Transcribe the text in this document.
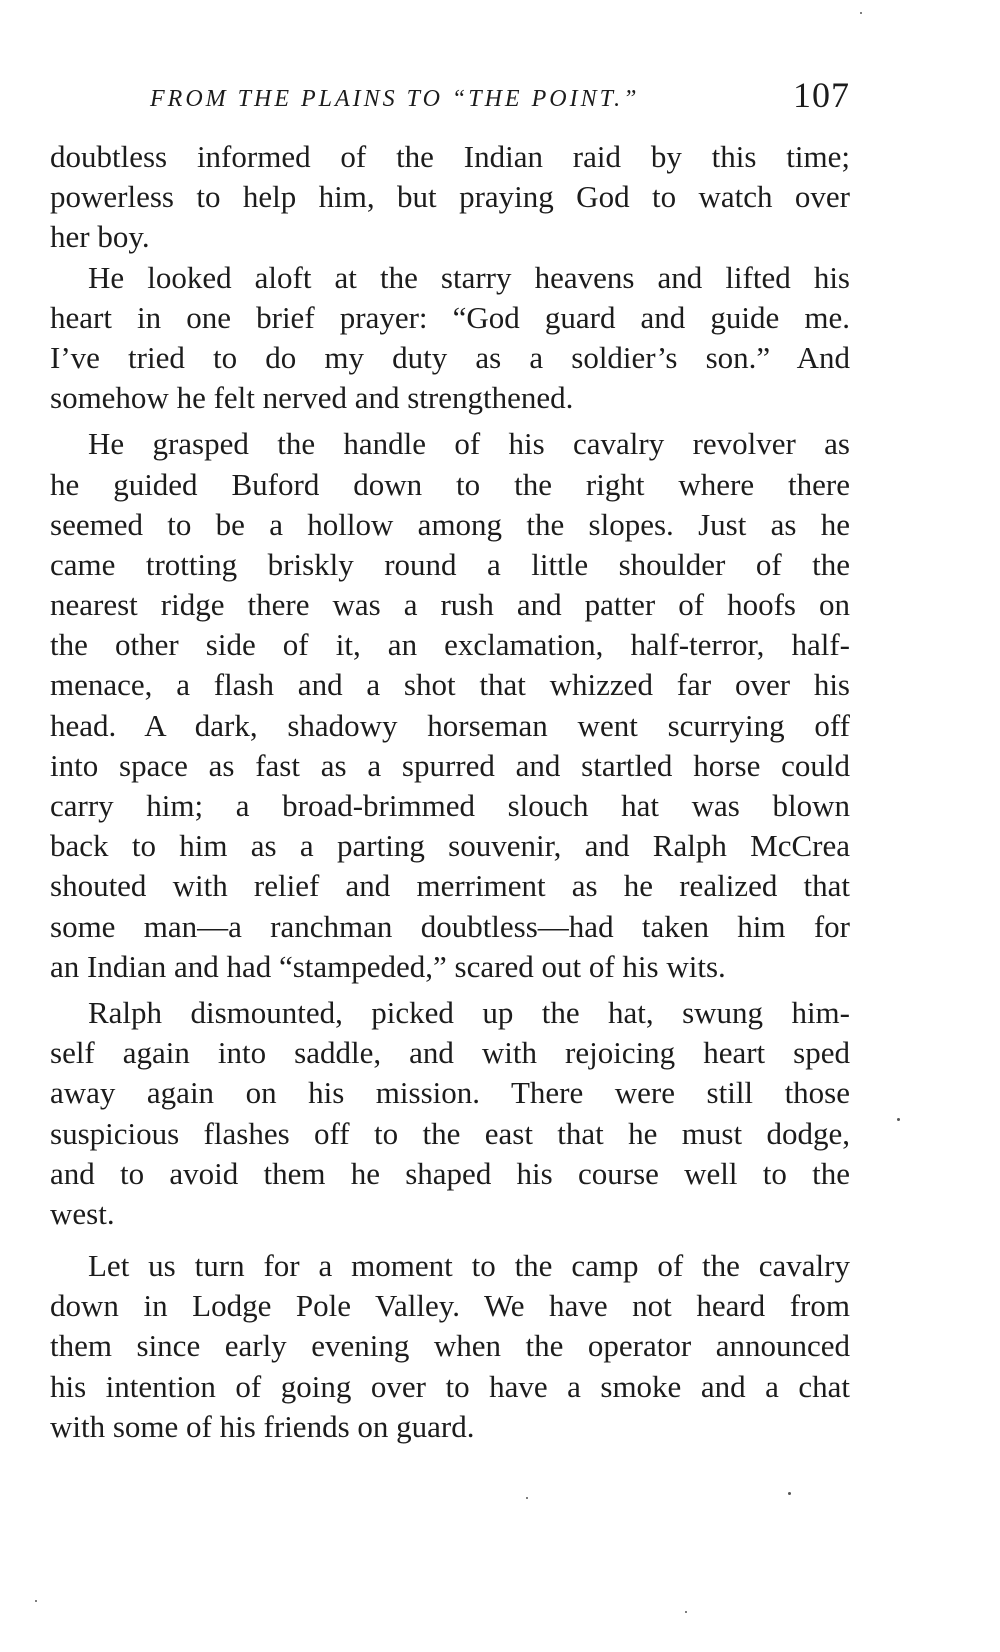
FROM THE PLAINS TO “THE POINT.”	107
doubtless informed of the Indian raid by this time;
powerless to help him, but praying God to watch over
her boy.
He looked aloft at the starry heavens and lifted his
heart in one brief prayer: “God guard and guide me.
I’ve tried to do my duty as a soldier’s son.” And
somehow he felt nerved and strengthened.
He grasped the handle of his cavalry revolver as
he guided Buford down to the right where there
seemed to be a hollow among the slopes. Just as he
came trotting briskly round a little shoulder of the
nearest ridge there was a rush and patter of hoofs on
the other side of it, an exclamation, half-terror, half-
menace, a flash and a shot that whizzed far over his
head. A dark, shadowy horseman went scurrying off
into space as fast as a spurred and startled horse could
carry him; a broad-brimmed slouch hat was blown
back to him as a parting souvenir, and Ralph McCrea
shouted with relief and merriment as he realized that
some man—a ranchman doubtless—had taken him for
an Indian and had “stampeded,” scared out of his wits.
Ralph dismounted, picked up the hat, swung him-
self again into saddle, and with rejoicing heart sped
away again on his mission. There were still those
suspicious flashes off to the east that he must dodge,
and to avoid them he shaped his course well to the
west.
Let us turn for a moment to the camp of the cavalry
down in Lodge Pole Valley. We have not heard from
them since early evening when the operator announced
his intention of going over to have a smoke and a chat
with some of his friends on guard.
